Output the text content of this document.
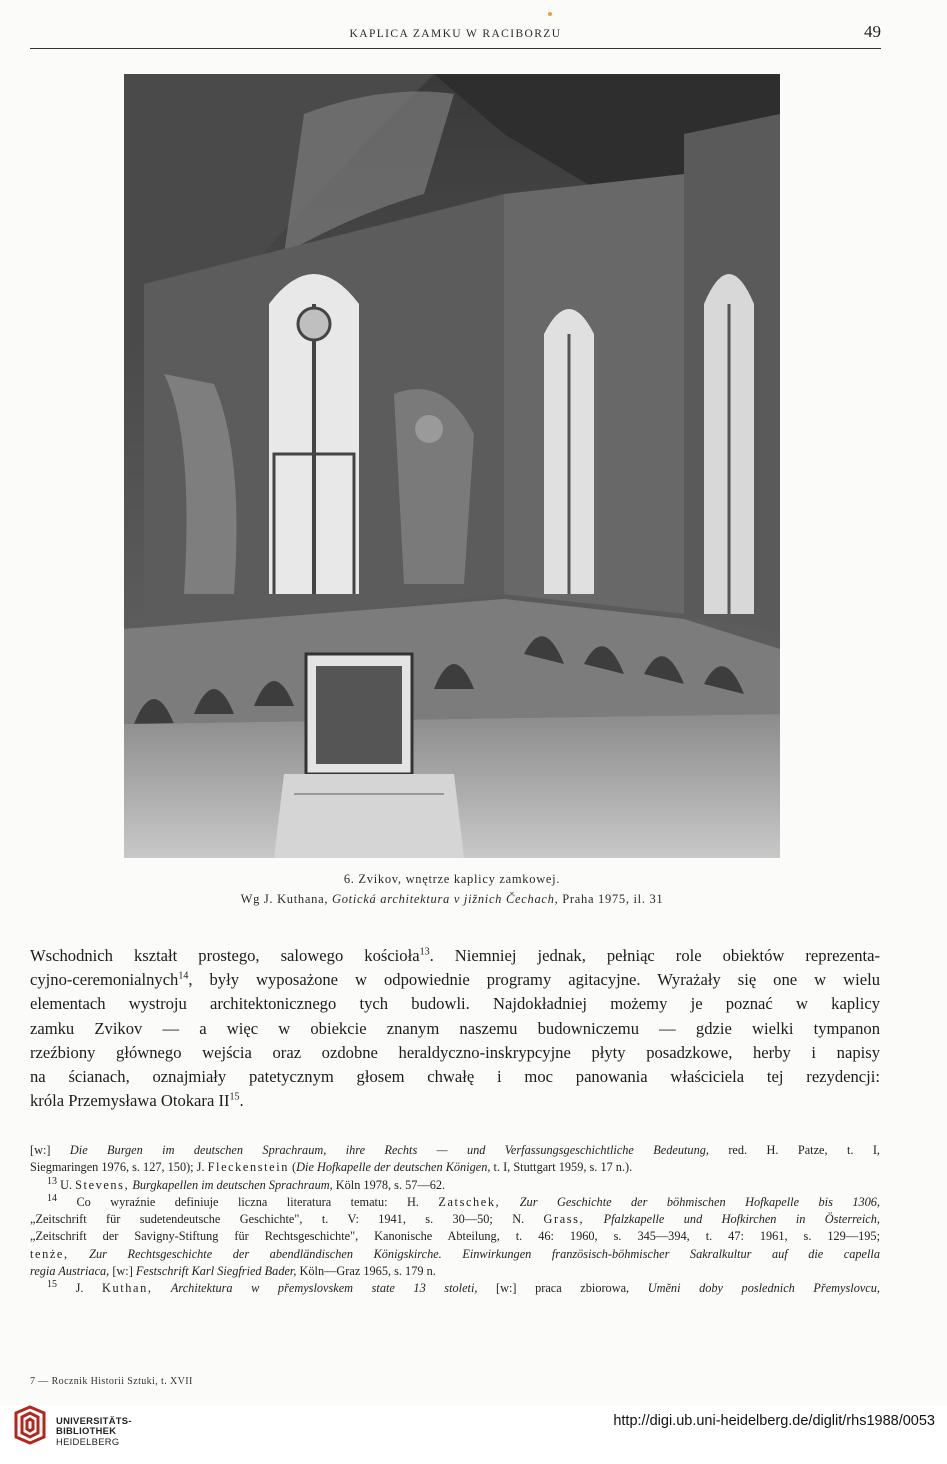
KAPLICA ZAMKU W RACIBORZU	49
6. Zvikov, wnętrze kaplicy zamkowej.
Wg J. Kuthana, Gotická architektura v jižnich Čechach, Praha 1975, il. 31
Wschodnich kształt prostego, salowego kościoła$^{13}$. Niemniej jednak, pełniąc role obiektów reprezenta-
cyjno-ceremonialnych$^{14}$, były wyposażone w odpowiednie programy agitacyjne. Wyrażały się one w wielu
elementach wystroju architektonicznego tych budowli. Najdokładniej możemy je poznać w kaplicy
zamku Zvikov — a więc w obiekcie znanym naszemu budowniczemu — gdzie wielki tympanon
rzeźbiony głównego wejścia oraz ozdobne heraldyczno-inskrypcyjne płyty posadzkowe, herby i napisy
na ścianach, oznajmiały patetycznym głosem chwałę i moc panowania właściciela tej rezydencji:
króla Przemysława Otokara II$^{15}$.
[w:] Die Burgen im deutschen Sprachraum, ihre Rechts — und Verfassungsgeschichtliche Bedeutung, red. H. Patze, t. I,
Siegmaringen 1976, s. 127, 150); J. Fleckenstein (Die Hofkapelle der deutschen Königen, t. I, Stuttgart 1959, s. 17 n.).
$^{13}$ U. Stevens, Burgkapellen im deutschen Sprachraum, Köln 1978, s. 57—62.
$^{14}$ Co wyraźnie definiuje liczna literatura tematu: H. Zatschek, Zur Geschichte der böhmischen Hofkapelle bis 1306,
„Zeitschrift für sudetendeutsche Geschichte", t. V: 1941, s. 30—50; N. Grass, Pfalzkapelle und Hofkirchen in Österreich,
„Zeitschrift der Savigny-Stiftung für Rechtsgeschichte", Kanonische Abteilung, t. 46: 1960, s. 345—394, t. 47: 1961, s. 129—195;
tenże, Zur Rechtsgeschichte der abendländischen Königskirche. Einwirkungen französisch-böhmischer Sakralkultur auf die capella
regia Austriaca, [w:] Festschrift Karl Siegfried Bader, Köln—Graz 1965, s. 179 n.
$^{15}$ J. Kuthan, Architektura w přemyslovskem state 13 stoleti, [w:] praca zbiorowa, Umĕni doby poslednich Přemyslovcu,
7 — Rocznik Historii Sztuki, t. XVII
UNIVERSITÄTS-
BIBLIOTHEK
HEIDELBERG
http://digi.ub.uni-heidelberg.de/diglit/rhs1988/0053
